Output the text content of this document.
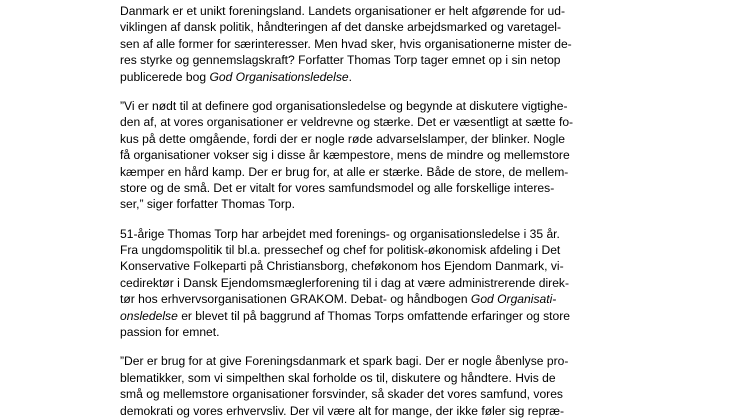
Danmark er et unikt foreningsland. Landets organisationer er helt afgørende for ud-
viklingen af dansk politik, håndteringen af det danske arbejdsmarked og varetagel-
sen af alle former for særinteresser. Men hvad sker, hvis organisationerne mister de-
res styrke og gennemslagskraft? Forfatter Thomas Torp tager emnet op i sin netop
publicerede bog God Organisationsledelse.
”Vi er nødt til at definere god organisationsledelse og begynde at diskutere vigtighe-
den af, at vores organisationer er veldrevne og stærke. Det er væsentligt at sætte fo-
kus på dette omgående, fordi der er nogle røde advarselslamper, der blinker. Nogle
få organisationer vokser sig i disse år kæmpestore, mens de mindre og mellemstore
kæmper en hård kamp. Der er brug for, at alle er stærke. Både de store, de mellem-
store og de små. Det er vitalt for vores samfundsmodel og alle forskellige interes-
ser,” siger forfatter Thomas Torp.
51-årige Thomas Torp har arbejdet med forenings- og organisationsledelse i 35 år.
Fra ungdomspolitik til bl.a. pressechef og chef for politisk-økonomisk afdeling i Det
Konservative Folkeparti på Christiansborg, cheføkonom hos Ejendom Danmark, vi-
cedirektør i Dansk Ejendomsmæglerforening til i dag at være administrerende direk-
tør hos erhvervsorganisationen GRAKOM. Debat- og håndbogen God Organisati-
onsledelse er blevet til på baggrund af Thomas Torps omfattende erfaringer og store
passion for emnet.
”Der er brug for at give Foreningsdanmark et spark bagi. Der er nogle åbenlyse pro-
blematikker, som vi simpelthen skal forholde os til, diskutere og håndtere. Hvis de
små og mellemstore organisationer forsvinder, så skader det vores samfund, vores
demokrati og vores erhvervsliv. Der vil være alt for mange, der ikke føler sig repræ-
